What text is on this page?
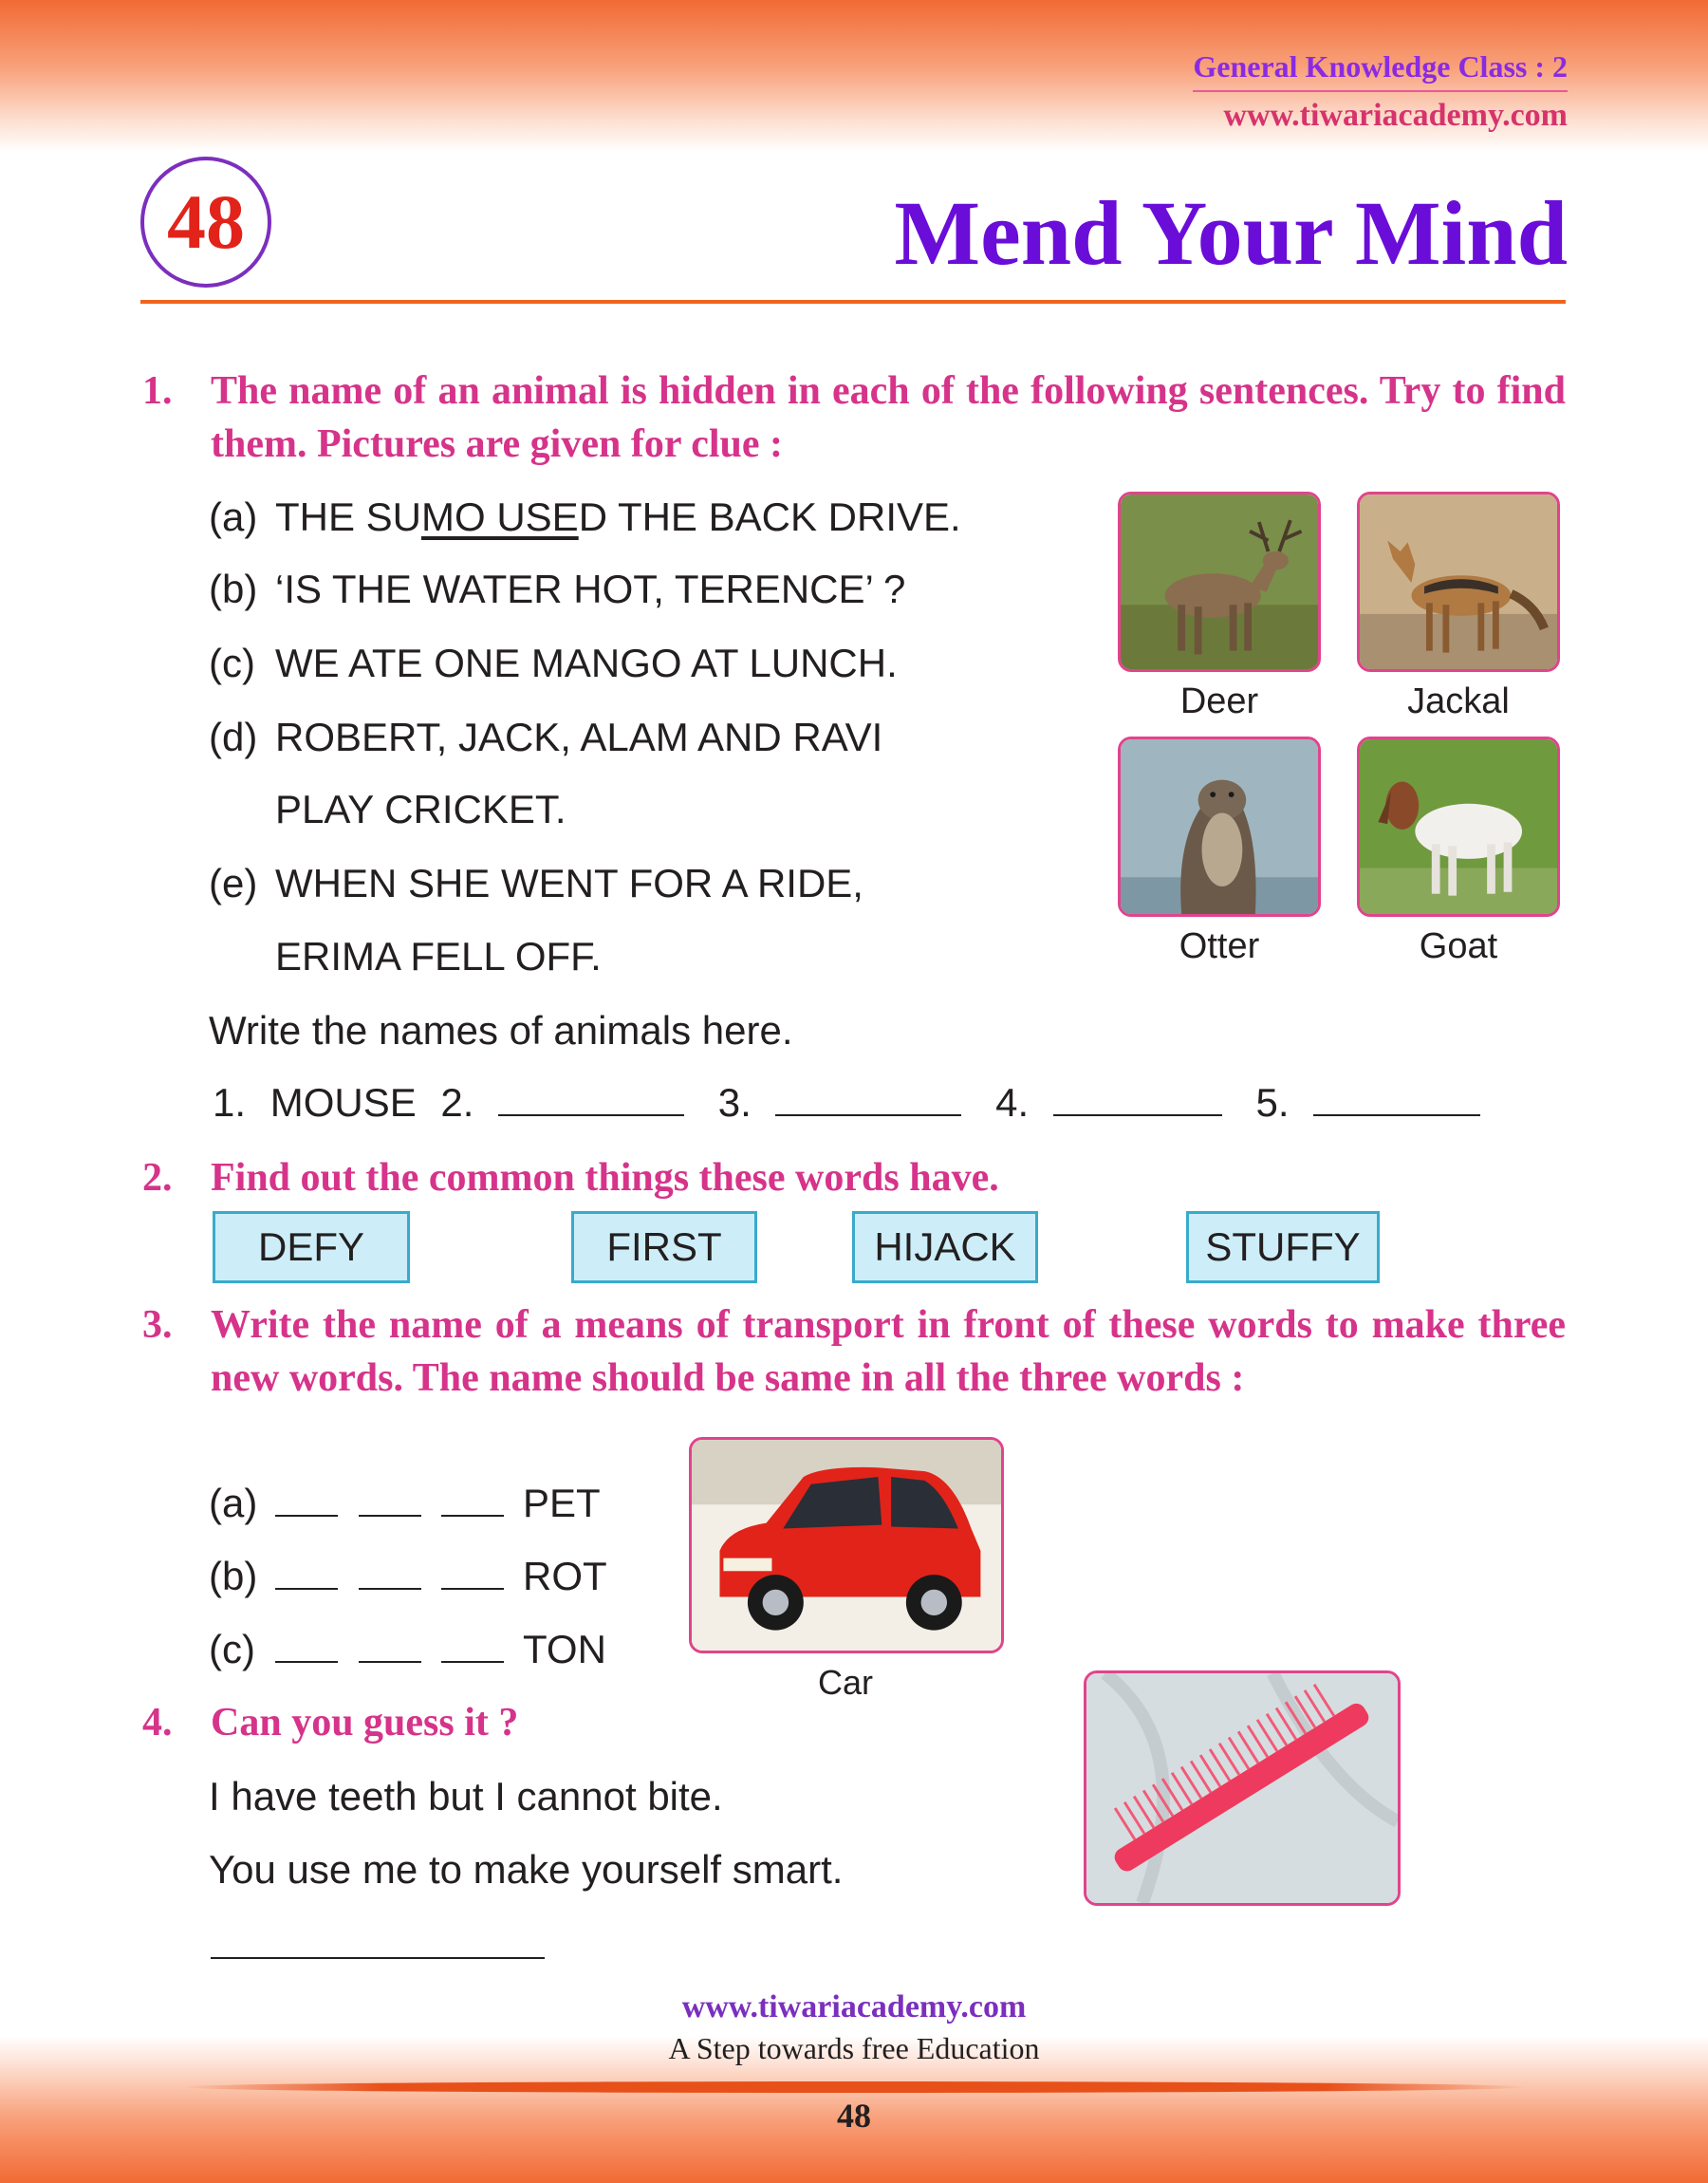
General Knowledge Class : 2
www.tiwariacademy.com
48	Mend Your Mind
1. The name of an animal is hidden in each of the following sentences. Try to find them. Pictures are given for clue :
(a) THE SUMO USED THE BACK DRIVE.
(b) ‘IS THE WATER HOT, TERENCE’ ?
(c) WE ATE ONE MANGO AT LUNCH.
(d) ROBERT, JACK, ALAM AND RAVI
PLAY CRICKET.
(e) WHEN SHE WENT FOR A RIDE,
ERIMA FELL OFF.
Write the names of animals here.
1. MOUSE 2.	3.	4.	5.
Deer	Jackal
Otter	Goat
2. Find out the common things these words have.
DEFY	FIRST	HIJACK	STUFFY
3. Write the name of a means of transport in front of these words to make three new words. The name should be same in all the three words :
(a)	PET
(b)	ROT
(c)	TON
Car
4. Can you guess it ?
I have teeth but I cannot bite.
You use me to make yourself smart.
www.tiwariacademy.com
A Step towards free Education
48
